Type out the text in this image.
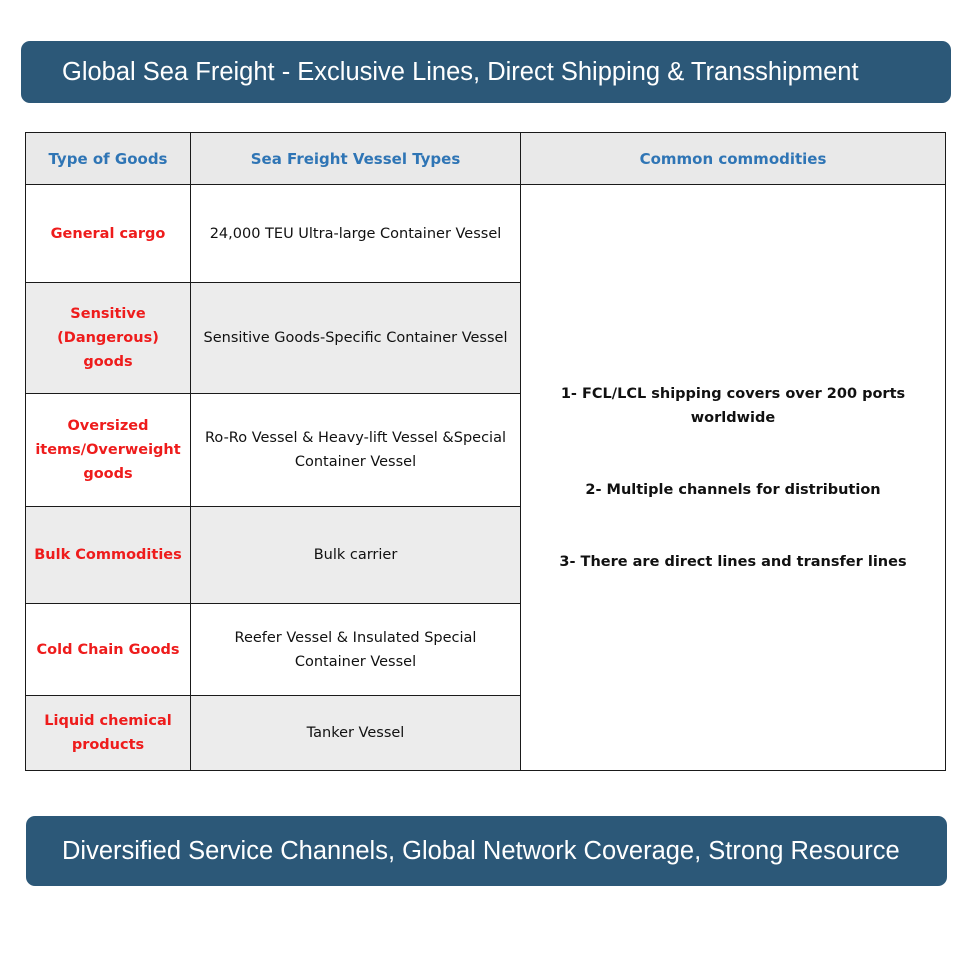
Global Sea Freight - Exclusive Lines, Direct Shipping & Transshipment
Type of Goods	Sea Freight Vessel Types	Common commodities
General cargo	24,000 TEU Ultra-large Container Vessel	1- FCL/LCL shipping covers over 200 ports worldwide
2- Multiple channels for distribution
3- There are direct lines and transfer lines

Sensitive (Dangerous) goods	Sensitive Goods-Specific Container Vessel	
Oversized items/Overweight goods	Ro-Ro Vessel & Heavy-lift Vessel &Special Container Vessel	
Bulk Commodities	Bulk carrier	
Cold Chain Goods	Reefer Vessel & Insulated Special Container Vessel	
Liquid chemical products	Tanker Vessel	
Diversified Service Channels, Global Network Coverage, Strong Resource
